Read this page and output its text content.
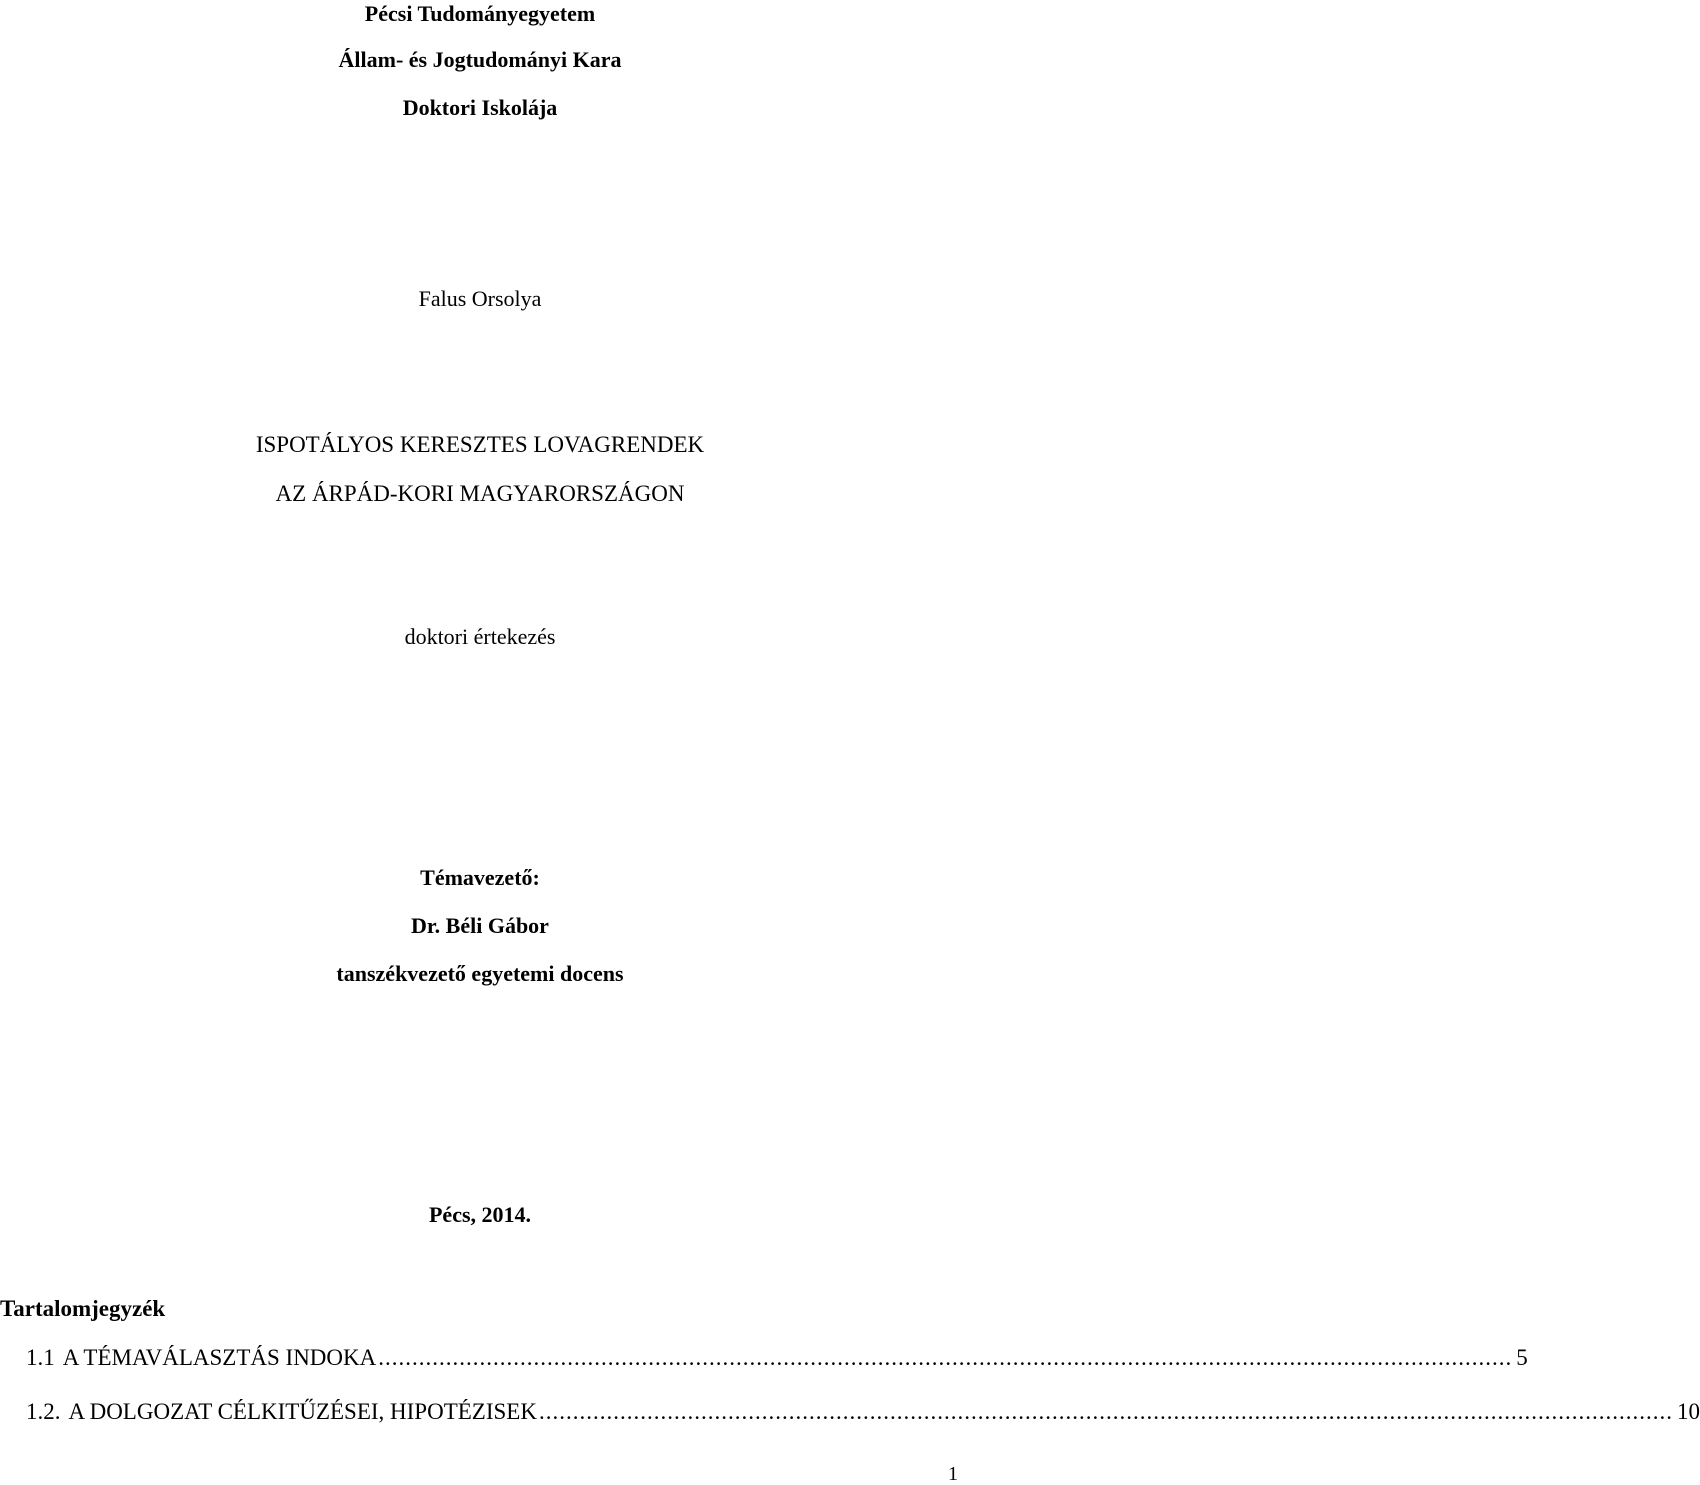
Pécsi Tudományegyetem
Állam- és Jogtudományi Kara
Doktori Iskolája
Falus Orsolya
ISPOTÁLYOS KERESZTES LOVAGRENDEK
AZ ÁRPÁD-KORI MAGYARORSZÁGON
doktori értekezés
Témavezető:
Dr. Béli Gábor
tanszékvezető egyetemi docens
Pécs, 2014.
Tartalomjegyzék
1.1 A TÉMAVÁLASZTÁS INDOKA ........................................................................................................................................................................ 5
1.2. A DOLGOZAT CÉLKITŰZÉSEI, HIPOTÉZISEK ........................................................................................................................................................................ 10
1
